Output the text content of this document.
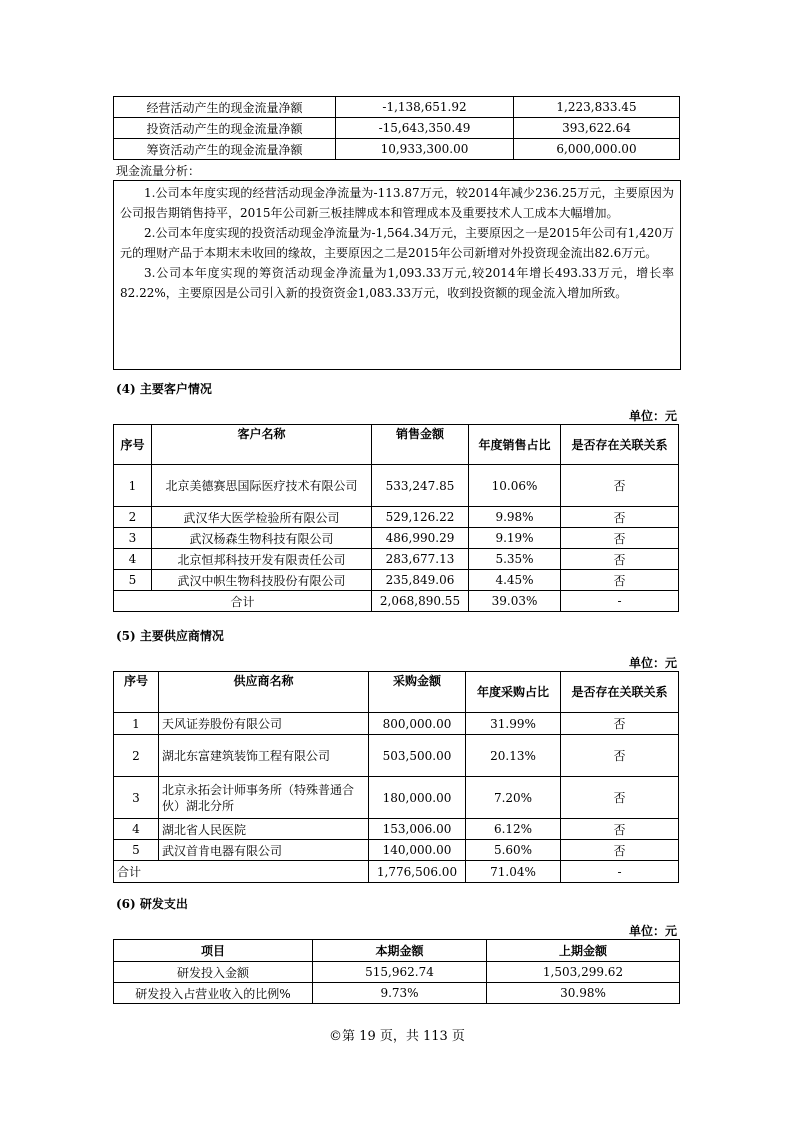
经营活动产生的现金流量净额	-1,138,651.92	1,223,833.45
投资活动产生的现金流量净额	-15,643,350.49	393,622.64
筹资活动产生的现金流量净额	10,933,300.00	6,000,000.00
现金流量分析：

1.公司本年度实现的经营活动现金净流量为-113.87万元，较2014年减少236.25万元，主要原因为公司报告期销售持平，2015年公司新三板挂牌成本和管理成本及重要技术人工成本大幅增加。

2.公司本年度实现的投资活动现金净流量为-1,564.34万元，主要原因之一是2015年公司有1,420万元的理财产品于本期末未收回的缘故，主要原因之二是2015年公司新增对外投资现金流出82.6万元。

3.公司本年度实现的筹资活动现金净流量为1,093.33万元,较2014年增长493.33万元，增长率82.22%，主要原因是公司引入新的投资资金1,083.33万元，收到投资额的现金流入增加所致。

(4) 主要客户情况
单位：元
序号	客户名称	销售金额	年度销售占比	是否存在关联关系
1	北京美德赛思国际医疗技术有限公司	533,247.85	10.06%	否
2	武汉华大医学检验所有限公司	529,126.22	9.98%	否
3	武汉杨森生物科技有限公司	486,990.29	9.19%	否
4	北京恒邦科技开发有限责任公司	283,677.13	5.35%	否
5	武汉中帜生物科技股份有限公司	235,849.06	4.45%	否
合计		2,068,890.55	39.03%	-
(5) 主要供应商情况
单位：元
序号	供应商名称	采购金额	年度采购占比	是否存在关联关系
1	天风证券股份有限公司	800,000.00	31.99%	否
2	湖北东富建筑装饰工程有限公司	503,500.00	20.13%	否
3	北京永拓会计师事务所（特殊普通合伙）湖北分所	180,000.00	7.20%	否
4	湖北省人民医院	153,006.00	6.12%	否
5	武汉首肯电器有限公司	140,000.00	5.60%	否
合计		1,776,506.00	71.04%	-
(6) 研发支出
单位：元
项目	本期金额	上期金额
研发投入金额	515,962.74	1,503,299.62
研发投入占营业收入的比例%	9.73%	30.98%
©第 19 页，共 113 页
